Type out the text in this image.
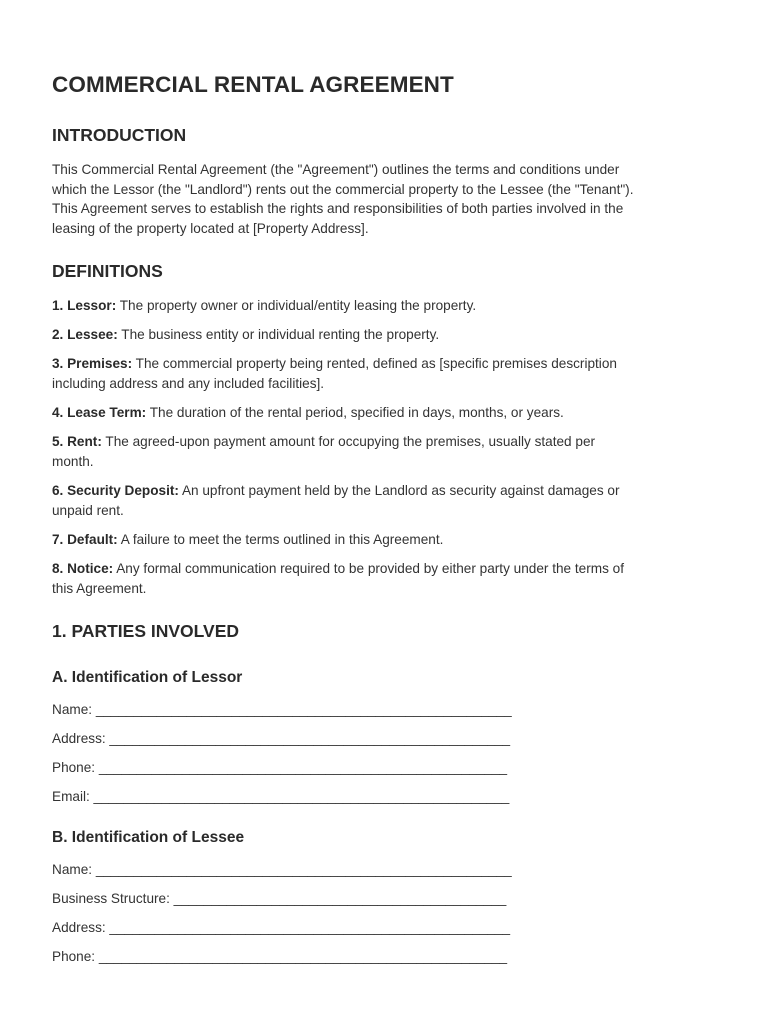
COMMERCIAL RENTAL AGREEMENT
INTRODUCTION

This Commercial Rental Agreement (the "Agreement") outlines the terms and conditions under

which the Lessor (the "Landlord") rents out the commercial property to the Lessee (the "Tenant").

This Agreement serves to establish the rights and responsibilities of both parties involved in the

leasing of the property located at [Property Address].

DEFINITIONS
1. Lessor: The property owner or individual/entity leasing the property.
2. Lessee: The business entity or individual renting the property.
3. Premises: The commercial property being rented, defined as [specific premises description
including address and any included facilities].
4. Lease Term: The duration of the rental period, specified in days, months, or years.
5. Rent: The agreed-upon payment amount for occupying the premises, usually stated per
month.
6. Security Deposit: An upfront payment held by the Landlord as security against damages or
unpaid rent.
7. Default: A failure to meet the terms outlined in this Agreement.
8. Notice: Any formal communication required to be provided by either party under the terms of
this Agreement.
1. PARTIES INVOLVED
A. Identification of Lessor
Name: _______________________________________________________
Address: _____________________________________________________
Phone: ______________________________________________________
Email: _______________________________________________________
B. Identification of Lessee
Name: _______________________________________________________
Business Structure: ____________________________________________
Address: _____________________________________________________
Phone: ______________________________________________________
